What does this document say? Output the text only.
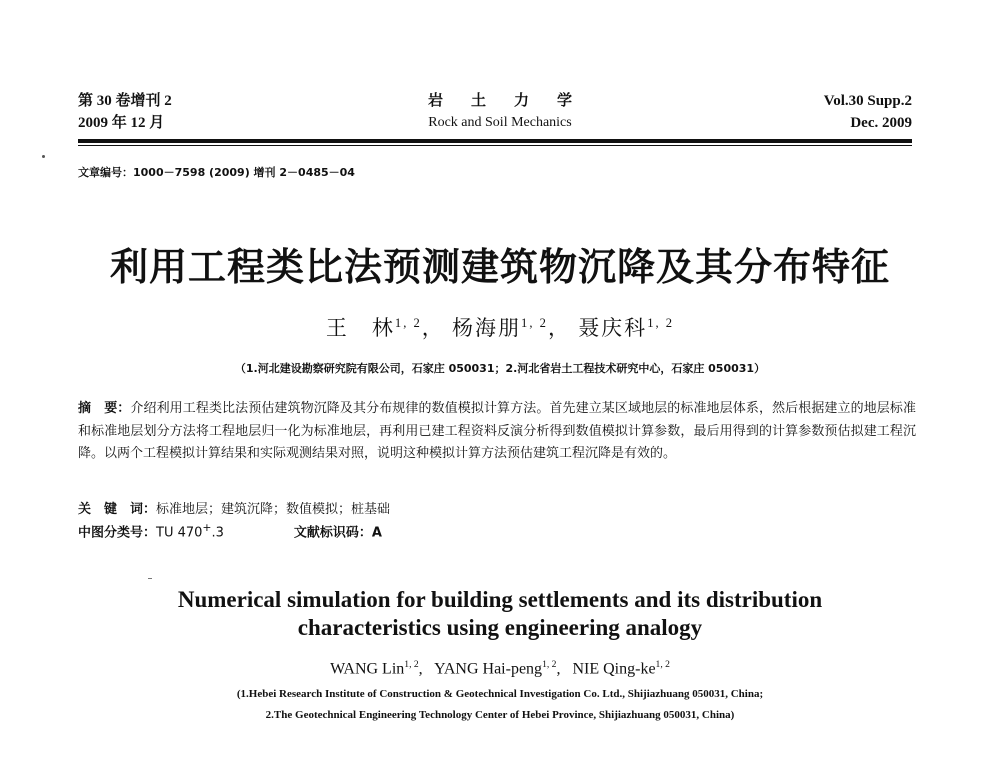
第 30 卷增刊 2
2009 年 12 月
岩土力学
Rock and Soil Mechanics
Vol.30 Supp.2
Dec. 2009
文章编号：1000－7598 (2009) 增刊 2－0485－04
利用工程类比法预测建筑物沉降及其分布特征
王　林$^{1, 2}$， 杨海朋$^{1, 2}$， 聂庆科$^{1, 2}$
（1.河北建设勘察研究院有限公司，石家庄 050031；2.河北省岩土工程技术研究中心，石家庄 050031）
摘　要：介绍利用工程类比法预估建筑物沉降及其分布规律的数值模拟计算方法。首先建立某区域地层的标准地层体系，然后根据建立的地层标准和标准地层划分方法将工程地层归一化为标准地层，再利用已建工程资料反演分析得到数值模拟计算参数，最后用得到的计算参数预估拟建工程沉降。以两个工程模拟计算结果和实际观测结果对照，说明这种模拟计算方法预估建筑工程沉降是有效的。
关　键　词：标准地层；建筑沉降；数值模拟；桩基础
中图分类号：TU 470+.3	文献标识码：A
Numerical simulation for building settlements and its distribution
characteristics using engineering analogy
WANG Lin$^{1, 2}$, YANG Hai-peng$^{1, 2}$, NIE Qing-ke$^{1, 2}$
(1.Hebei Research Institute of Construction & Geotechnical Investigation Co. Ltd., Shijiazhuang 050031, China;
2.The Geotechnical Engineering Technology Center of Hebei Province, Shijiazhuang 050031, China)
